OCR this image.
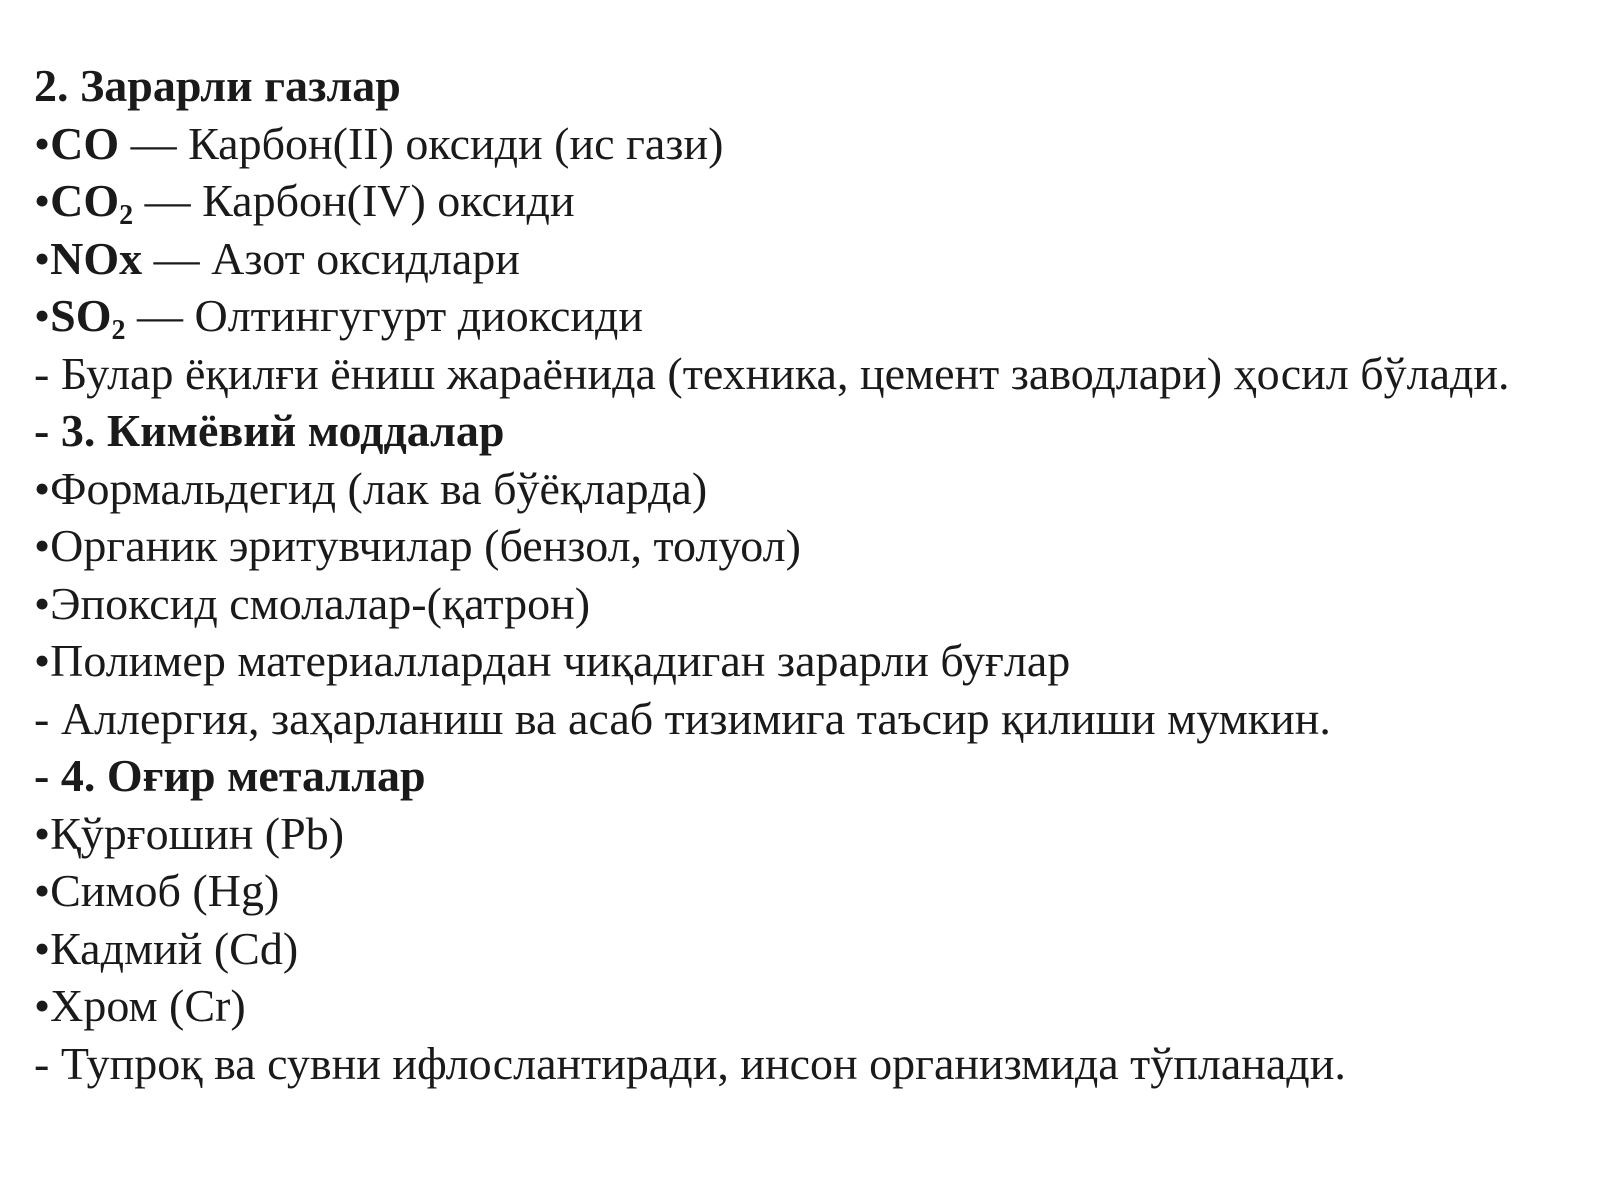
2. Зарарли газлар
•CO — Карбон(II) оксиди (ис гази)
$•CO_2$ — Карбон(IV) оксиди
•NOx — Азот оксидлари
$•SO_2$ — Олтингугурт диоксиди
- Булар ёқилғи ёниш жараёнида (техника, цемент заводлари) ҳосил бўлади.
- 3. Кимёвий моддалар
•Формальдегид (лак ва бўёқларда)
•Органик эритувчилар (бензол, толуол)
•Эпоксид смолалар-(қатрон)
•Полимер материаллардан чиқадиган зарарли буғлар
- Аллергия, заҳарланиш ва асаб тизимига таъсир қилиши мумкин.
- 4. Оғир металлар
•Қўрғошин (Pb)
•Симоб (Hg)
•Кадмий (Cd)
•Хром (Cr)
- Тупроқ ва сувни ифлослантиради, инсон организмида тўпланади.
